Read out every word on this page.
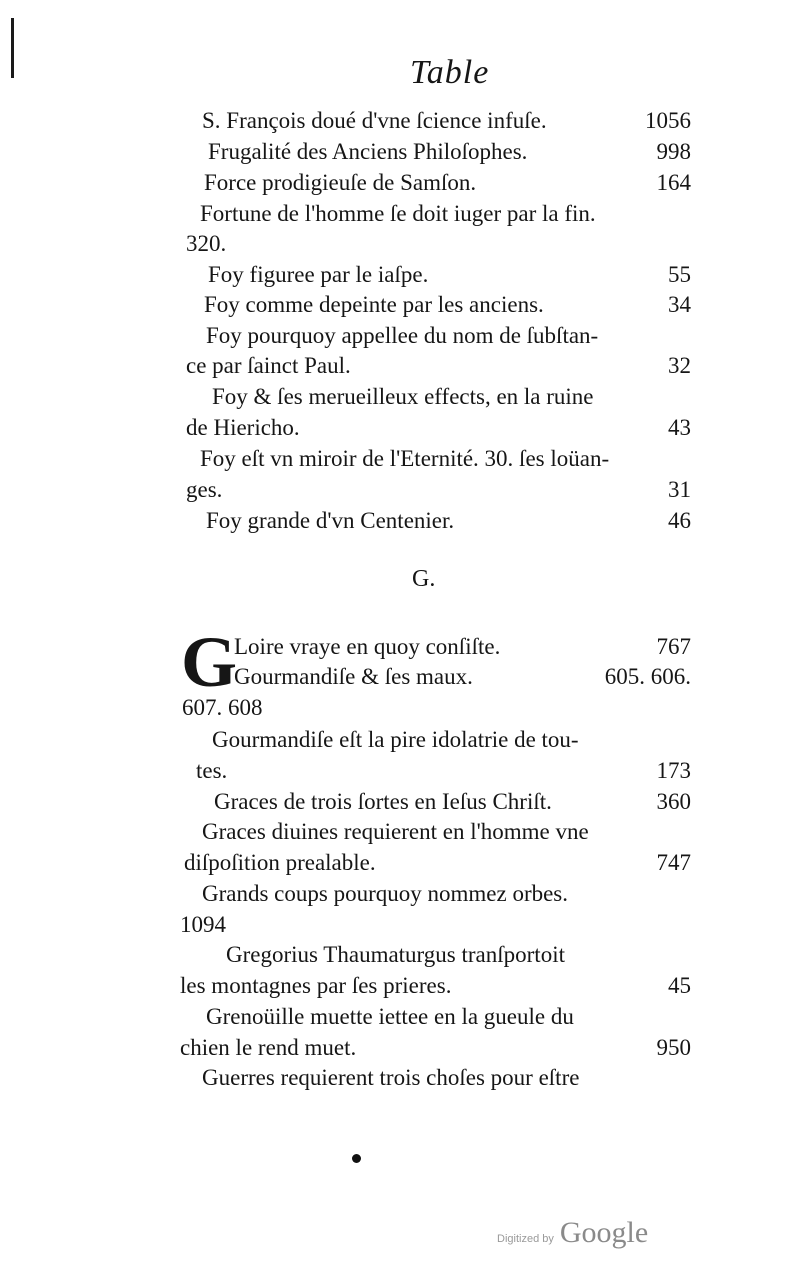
Table
S. François doué d'vne ſcience infuſe.	1056
Frugalité des Anciens Philoſophes.	998
Force prodigieuſe de Samſon.	164
Fortune de l'homme ſe doit iuger par la fin.
320.
Foy figuree par le iaſpe.	55
Foy comme depeinte par les anciens.	34
Foy pourquoy appellee du nom de ſubſtan-
ce par ſainct Paul.	32
Foy & ſes merueilleux effects, en la ruine
de Hiericho.	43
Foy eſt vn miroir de l'Eternité. 30. ſes loüan-
ges.	31
Foy grande d'vn Centenier.	46
G.
G
Loire vraye en quoy conſiſte.	767
Gourmandiſe & ſes maux.	605. 606.
607. 608
Gourmandiſe eſt la pire idolatrie de tou-
tes.	173
Graces de trois ſortes en Ieſus Chriſt.	360
Graces diuines requierent en l'homme vne
diſpoſition prealable.	747
Grands coups pourquoy nommez orbes.
1094
Gregorius Thaumaturgus tranſportoit
les montagnes par ſes prieres.	45
Grenoüille muette iettee en la gueule du
chien le rend muet.	950
Guerres requierent trois choſes pour eſtre
Digitized by Google
